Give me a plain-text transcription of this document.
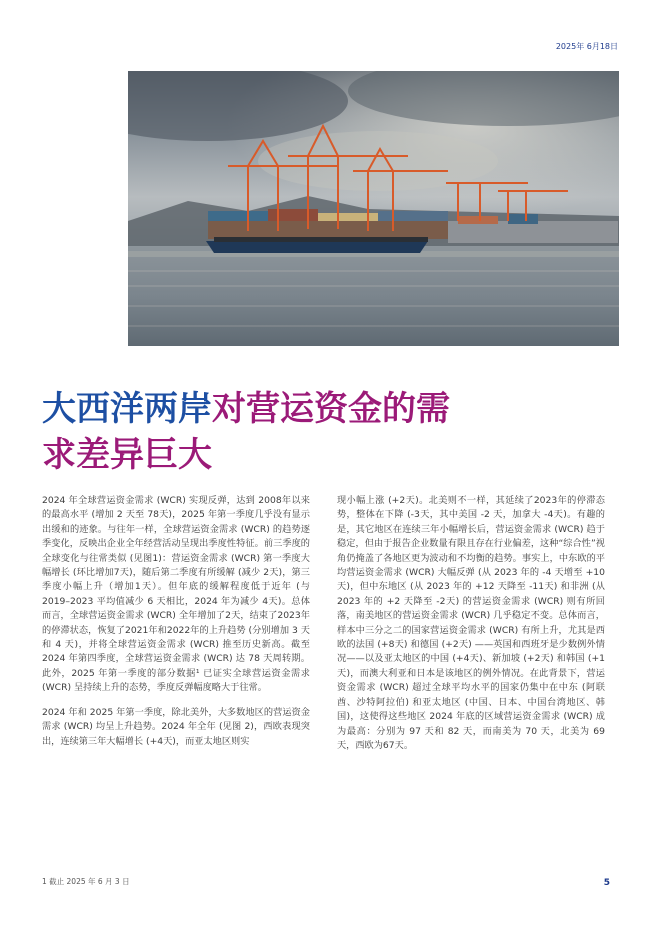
2025年 6月18日
大西洋两岸对营运资金的需求差异巨大

2024 年全球营运资金需求 (WCR) 实现反弹，达到 2008年以来的最高水平 (增加 2 天至 78天)，2025 年第一季度几乎没有显示出缓和的迹象。与往年一样，全球营运资金需求 (WCR) 的趋势逐季变化，反映出企业全年经营活动呈现出季度性特征。前三季度的全球变化与往常类似 (见图1)：营运资金需求 (WCR) 第一季度大幅增长 (环比增加7天)，随后第二季度有所缓解 (减少 2天)，第三季度小幅上升（增加1天）。但年底的缓解程度低于近年 (与 2019–2023 平均值减少 6 天相比，2024 年为减少 4天)。总体而言，全球营运资金需求 (WCR) 全年增加了2天，结束了2023年的停滞状态，恢复了2021年和2022年的上升趋势 (分别增加 3 天和 4 天)，并将全球营运资金需求 (WCR) 推至历史新高。截至 2024 年第四季度，全球营运资金需求 (WCR) 达 78 天周转期。此外，2025 年第一季度的部分数据¹ 已证实全球营运资金需求 (WCR) 呈持续上升的态势，季度反弹幅度略大于往常。

2024 年和 2025 年第一季度，除北美外，大多数地区的营运资金需求 (WCR) 均呈上升趋势。2024 年全年 (见图 2)，西欧表现突出，连续第三年大幅增长 (+4天)，而亚太地区则实

现小幅上涨 (+2天)。北美则不一样，其延续了2023年的停滞态势，整体在下降 (-3天，其中美国 -2 天，加拿大 -4天)。有趣的是，其它地区在连续三年小幅增长后，营运资金需求 (WCR) 趋于稳定，但由于报告企业数量有限且存在行业偏差，这种“综合性”视角仍掩盖了各地区更为波动和不均衡的趋势。事实上，中东欧的平均营运资金需求 (WCR) 大幅反弹 (从 2023 年的 -4 天增至 +10 天)，但中东地区 (从 2023 年的 +12 天降至 -11天) 和非洲 (从2023 年的 +2 天降至 -2天) 的营运资金需求 (WCR) 则有所回落，南美地区的营运资金需求 (WCR) 几乎稳定不变。总体而言，样本中三分之二的国家营运资金需求 (WCR) 有所上升，尤其是西欧的法国 (+8天) 和德国 (+2天) ——英国和西班牙是少数例外情况——以及亚太地区的中国 (+4天)、新加坡 (+2天) 和韩国 (+1天)，而澳大利亚和日本是该地区的例外情况。在此背景下，营运资金需求 (WCR) 超过全球平均水平的国家仍集中在中东 (阿联酋、沙特阿拉伯) 和亚太地区 (中国、日本、中国台湾地区、韩国)，这使得这些地区 2024 年底的区域营运资金需求 (WCR) 成为最高：分别为 97 天和 82 天，而南美为 70 天，北美为 69 天，西欧为67天。

1 截止 2025 年 6 月 3 日	5
